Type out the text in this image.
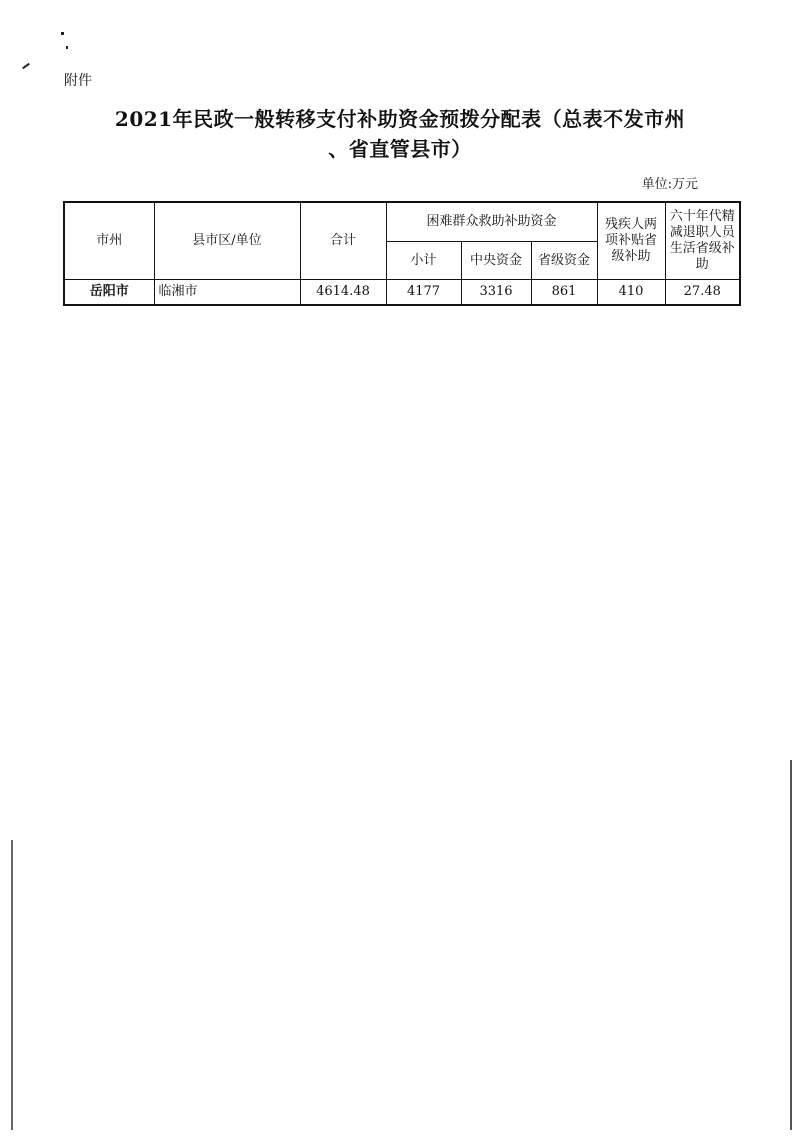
附件
2021年民政一般转移支付补助资金预拨分配表（总表不发市州
、省直管县市）
单位:万元
市州	县市区/单位	合计	困难群众救助补助资金			残疾人两项补贴省级补助	六十年代精减退职人员生活省级补助
			小计	中央资金	省级资金		
岳阳市	临湘市	4614.48	4177	3316	861	410	27.48
